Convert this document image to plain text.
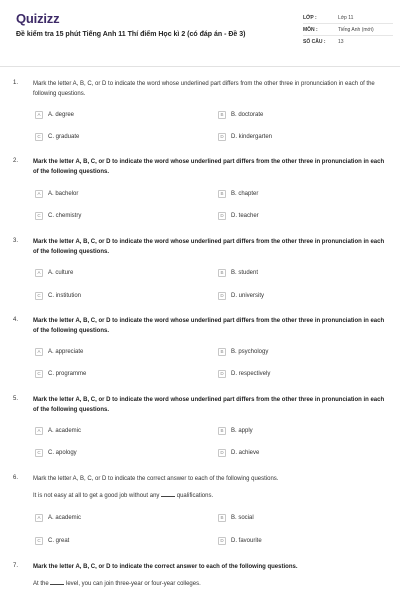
Quizizz
Đề kiểm tra 15 phút Tiếng Anh 11 Thí điểm Học kì 2 (có đáp án - Đề 3)
LỚP :	Lớp 11
MÔN :	Tiếng Anh (mới)
SỐ CÂU :	13
1. Mark the letter A, B, C, or D to indicate the word whose underlined part differs from the other three in pronunciation in each of the following questions.
A	A. degree	B	B. doctorate
C	C. graduate	D	D. kindergarten
2. Mark the letter A, B, C, or D to indicate the word whose underlined part differs from the other three in pronunciation in each of the following questions.
A	A. bachelor	B	B. chapter
C	C. chemistry	D	D. teacher
3. Mark the letter A, B, C, or D to indicate the word whose underlined part differs from the other three in pronunciation in each of the following questions.
A	A. culture	B	B. student
C	C. institution	D	D. university
4. Mark the letter A, B, C, or D to indicate the word whose underlined part differs from the other three in pronunciation in each of the following questions.
A	A. appreciate	B	B. psychology
C	C. programme	D	D. respectively
5. Mark the letter A, B, C, or D to indicate the word whose underlined part differs from the other three in pronunciation in each of the following questions.
A	A. academic	B	B. apply
C	C. apology	D	D. achieve
6. Mark the letter A, B, C, or D to indicate the correct answer to each of the following questions.
It is not easy at all to get a good job without any  qualifications.
A	A. academic	B	B. social
C	C. great	D	D. favourite
7. Mark the letter A, B, C, or D to indicate the correct answer to each of the following questions.
At the  level, you can join three-year or four-year colleges.
